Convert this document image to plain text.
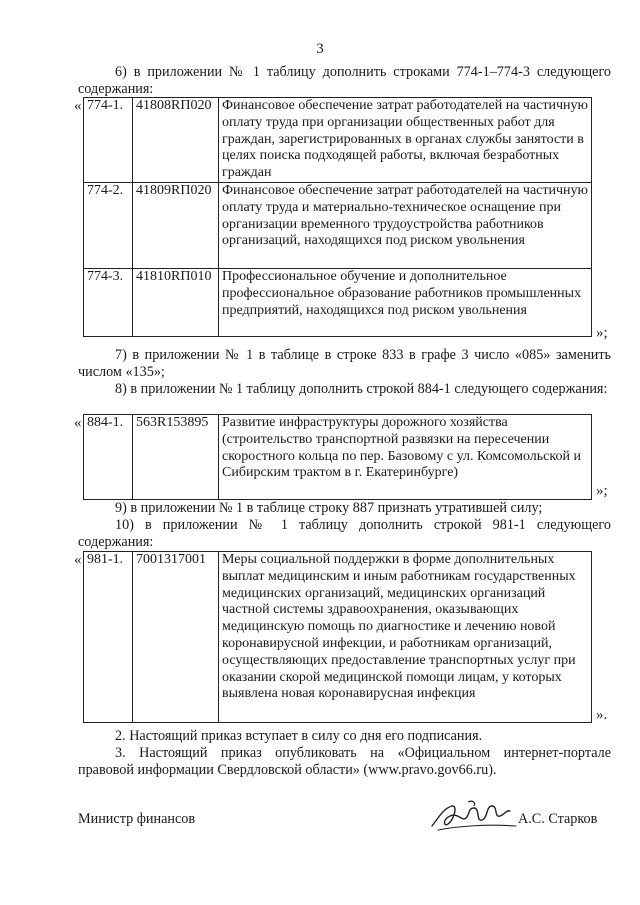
3

6) в приложении № 1 таблицу дополнить строками 774-1–774-3 следующего содержания:

« 774-1.	41808RП020	Финансовое обеспечение затрат работодателей на частичную оплату труда при организации общественных работ для граждан, зарегистрированных в органах службы занятости в целях поиска подходящей работы, включая безработных граждан
774-2.	41809RП020	Финансовое обеспечение затрат работодателей на частичную оплату труда и материально-техническое оснащение при организации временного трудоустройства работников организаций, находящихся под риском увольнения
774-3.	41810RП010	Профессиональное обучение и дополнительное профессиональное образование работников промышленных предприятий, находящихся под риском увольнения
»;

7) в приложении № 1 в таблице в строке 833 в графе 3 число «085» заменить числом «135»;

8) в приложении № 1 таблицу дополнить строкой 884-1 следующего содержания:

« 884-1.	563R153895	Развитие инфраструктуры дорожного хозяйства (строительство транспортной развязки на пересечении скоростного кольца по пер. Базовому с ул. Комсомольской и Сибирским трактом в г. Екатеринбурге)
»;

9) в приложении № 1 в таблице строку 887 признать утратившей силу;

10) в приложении № 1 таблицу дополнить строкой 981-1 следующего содержания:

« 981-1.	7001317001	Меры социальной поддержки в форме дополнительных выплат медицинским и иным работникам государственных медицинских организаций, медицинских организаций частной системы здравоохранения, оказывающих медицинскую помощь по диагностике и лечению новой коронавирусной инфекции, и работникам организаций, осуществляющих предоставление транспортных услуг при оказании скорой медицинской помощи лицам, у которых выявлена новая коронавирусная инфекция
».

2. Настоящий приказ вступает в силу со дня его подписания.

3. Настоящий приказ опубликовать на «Официальном интернет-портале правовой информации Свердловской области» (www.pravo.gov66.ru).

Министр финансов	А.С. Старков
